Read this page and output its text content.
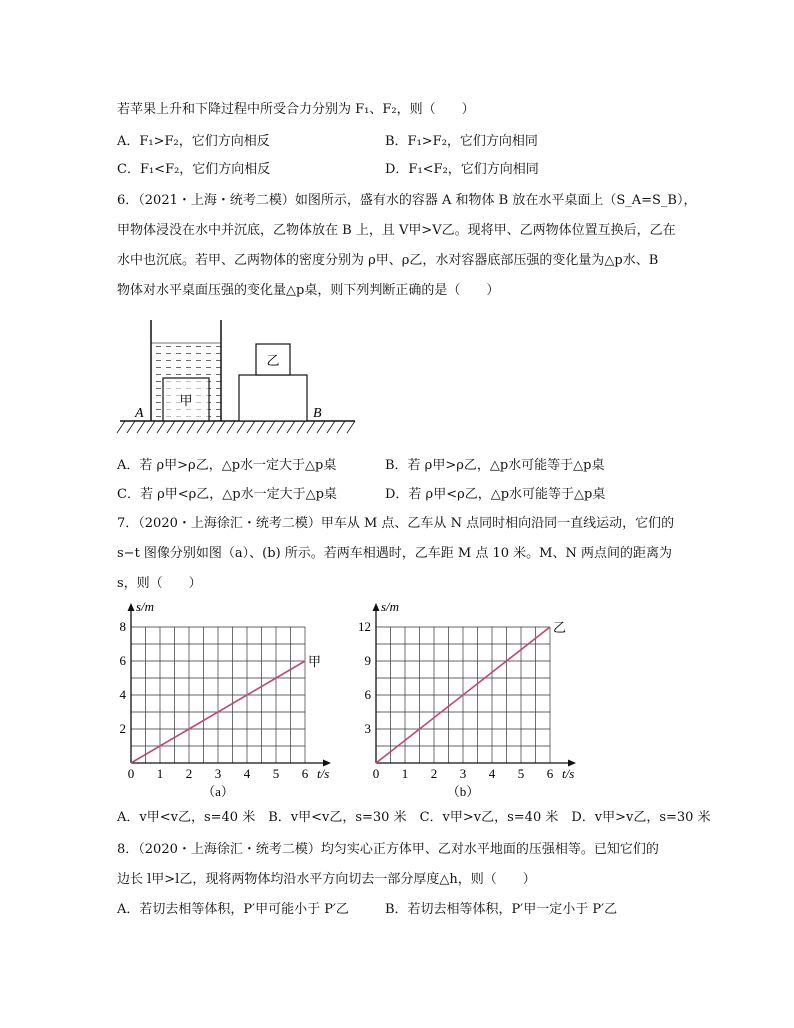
若苹果上升和下降过程中所受合力分别为 F₁、F₂，则（　　）
A．F₁>F₂，它们方向相反	B．F₁>F₂，它们方向相同
C．F₁<F₂，它们方向相反	D．F₁<F₂，它们方向相同
6．（2021・上海・统考二模）如图所示，盛有水的容器 A 和物体 B 放在水平桌面上（S_A=S_B），
甲物体浸没在水中并沉底，乙物体放在 B 上，且 V甲>V乙。现将甲、乙两物体位置互换后，乙在
水中也沉底。若甲、乙两物体的密度分别为 ρ甲、ρ乙，水对容器底部压强的变化量为△p水、B
物体对水平桌面压强的变化量△p桌，则下列判断正确的是（　　）
甲
乙
A	B
A．若 ρ甲>ρ乙，△p水一定大于△p桌	B．若 ρ甲>ρ乙，△p水可能等于△p桌
C．若 ρ甲<ρ乙，△p水一定大于△p桌	D．若 ρ甲<ρ乙，△p水可能等于△p桌
7．（2020・上海徐汇・统考二模）甲车从 M 点、乙车从 N 点同时相向沿同一直线运动，它们的
s−t 图像分别如图（a）、(b) 所示。若两车相遇时，乙车距 M 点 10 米。M、N 两点间的距离为
s，则（　　）
0 1 2 3 4 5 6
2
4
6
8
t/s
s/m
甲
（a）
0 1 2 3 4 5 6
3
6
9
12
t/s
s/m
乙
（b）
A．v甲<v乙，s=40 米　B．v甲<v乙，s=30 米　C．v甲>v乙，s=40 米　D．v甲>v乙，s=30 米
8．（2020・上海徐汇・统考二模）均匀实心正方体甲、乙对水平地面的压强相等。已知它们的
边长 l甲>l乙，现将两物体均沿水平方向切去一部分厚度△h，则（　　）
A．若切去相等体积，P′甲可能小于 P′乙	B．若切去相等体积，P′甲一定小于 P′乙
